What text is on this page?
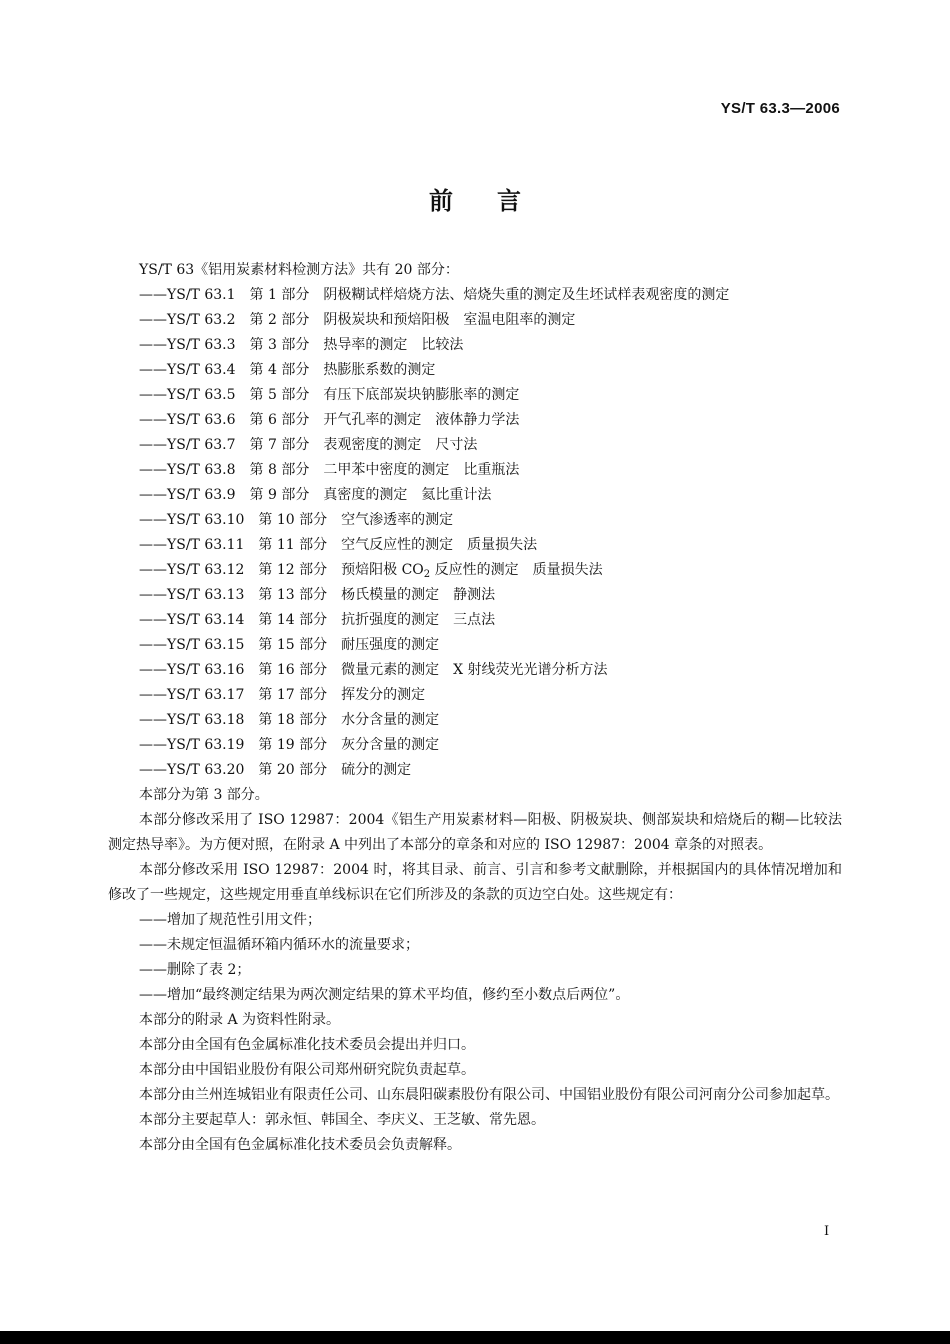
YS/T 63.3—2006
前言
YS/T 63《铝用炭素材料检测方法》共有 20 部分：
——YS/T 63.1 第 1 部分 阴极糊试样焙烧方法、焙烧失重的测定及生坯试样表观密度的测定
——YS/T 63.2 第 2 部分 阴极炭块和预焙阳极 室温电阻率的测定
——YS/T 63.3 第 3 部分 热导率的测定 比较法
——YS/T 63.4 第 4 部分 热膨胀系数的测定
——YS/T 63.5 第 5 部分 有压下底部炭块钠膨胀率的测定
——YS/T 63.6 第 6 部分 开气孔率的测定 液体静力学法
——YS/T 63.7 第 7 部分 表观密度的测定 尺寸法
——YS/T 63.8 第 8 部分 二甲苯中密度的测定 比重瓶法
——YS/T 63.9 第 9 部分 真密度的测定 氦比重计法
——YS/T 63.10 第 10 部分 空气渗透率的测定
——YS/T 63.11 第 11 部分 空气反应性的测定 质量损失法
——YS/T 63.12 第 12 部分 预焙阳极 $CO_2$ 反应性的测定 质量损失法
——YS/T 63.13 第 13 部分 杨氏模量的测定 静测法
——YS/T 63.14 第 14 部分 抗折强度的测定 三点法
——YS/T 63.15 第 15 部分 耐压强度的测定
——YS/T 63.16 第 16 部分 微量元素的测定 X 射线荧光光谱分析方法
——YS/T 63.17 第 17 部分 挥发分的测定
——YS/T 63.18 第 18 部分 水分含量的测定
——YS/T 63.19 第 19 部分 灰分含量的测定
——YS/T 63.20 第 20 部分 硫分的测定
本部分为第 3 部分。
本部分修改采用了 ISO 12987：2004《铝生产用炭素材料—阳极、阴极炭块、侧部炭块和焙烧后的糊—比较法测定热导率》。为方便对照，在附录 A 中列出了本部分的章条和对应的 ISO 12987：2004 章条的对照表。
本部分修改采用 ISO 12987：2004 时，将其目录、前言、引言和参考文献删除，并根据国内的具体情况增加和修改了一些规定，这些规定用垂直单线标识在它们所涉及的条款的页边空白处。这些规定有：
——增加了规范性引用文件；
——未规定恒温循环箱内循环水的流量要求；
——删除了表 2；
——增加“最终测定结果为两次测定结果的算术平均值，修约至小数点后两位”。
本部分的附录 A 为资料性附录。
本部分由全国有色金属标准化技术委员会提出并归口。
本部分由中国铝业股份有限公司郑州研究院负责起草。
本部分由兰州连城铝业有限责任公司、山东晨阳碳素股份有限公司、中国铝业股份有限公司河南分公司参加起草。
本部分主要起草人：郭永恒、韩国全、李庆义、王芝敏、常先恩。
本部分由全国有色金属标准化技术委员会负责解释。
I
